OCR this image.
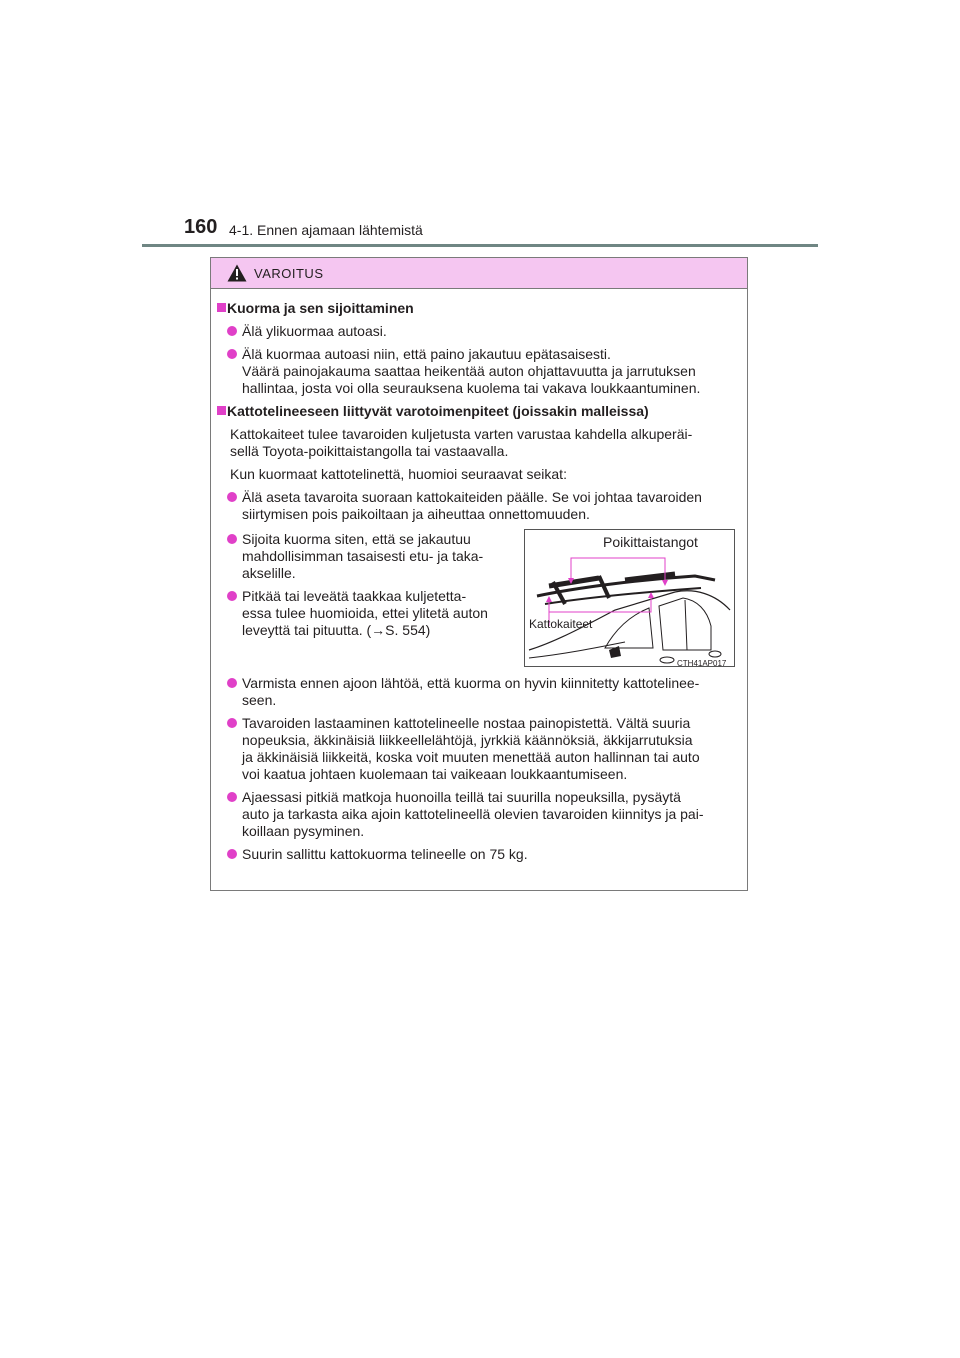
160 4-1. Ennen ajamaan lähtemistä
VAROITUS
Kuorma ja sen sijoittaminen
Älä ylikuormaa autoasi.
Älä kuormaa autoasi niin, että paino jakautuu epätasaisesti.
Väärä painojakauma saattaa heikentää auton ohjattavuutta ja jarrutuksen
hallintaa, josta voi olla seurauksena kuolema tai vakava loukkaantuminen.
Kattotelineeseen liittyvät varotoimenpiteet (joissakin malleissa)
Kattokaiteet tulee tavaroiden kuljetusta varten varustaa kahdella alkuperäi-
sellä Toyota-poikittaistangolla tai vastaavalla.
Kun kuormaat kattotelinettä, huomioi seuraavat seikat:
Älä aseta tavaroita suoraan kattokaiteiden päälle. Se voi johtaa tavaroiden
siirtymisen pois paikoiltaan ja aiheuttaa onnettomuuden.
Sijoita kuorma siten, että se jakautuu
mahdollisimman tasaisesti etu- ja taka-
akselille.
Pitkää tai leveätä taakkaa kuljetetta-
essa tulee huomioida, ettei ylitetä auton
leveyttä tai pituutta. (→S. 554)
Poikittaistangot
Kattokaiteet
CTH41AP017
Varmista ennen ajoon lähtöä, että kuorma on hyvin kiinnitetty kattotelinee-
seen.
Tavaroiden lastaaminen kattotelineelle nostaa painopistettä. Vältä suuria
nopeuksia, äkkinäisiä liikkeellelähtöjä, jyrkkiä käännöksiä, äkkijarrutuksia
ja äkkinäisiä liikkeitä, koska voit muuten menettää auton hallinnan tai auto
voi kaatua johtaen kuolemaan tai vaikeaan loukkaantumiseen.
Ajaessasi pitkiä matkoja huonoilla teillä tai suurilla nopeuksilla, pysäytä
auto ja tarkasta aika ajoin kattotelineellä olevien tavaroiden kiinnitys ja pai-
koillaan pysyminen.
Suurin sallittu kattokuorma telineelle on 75 kg.
